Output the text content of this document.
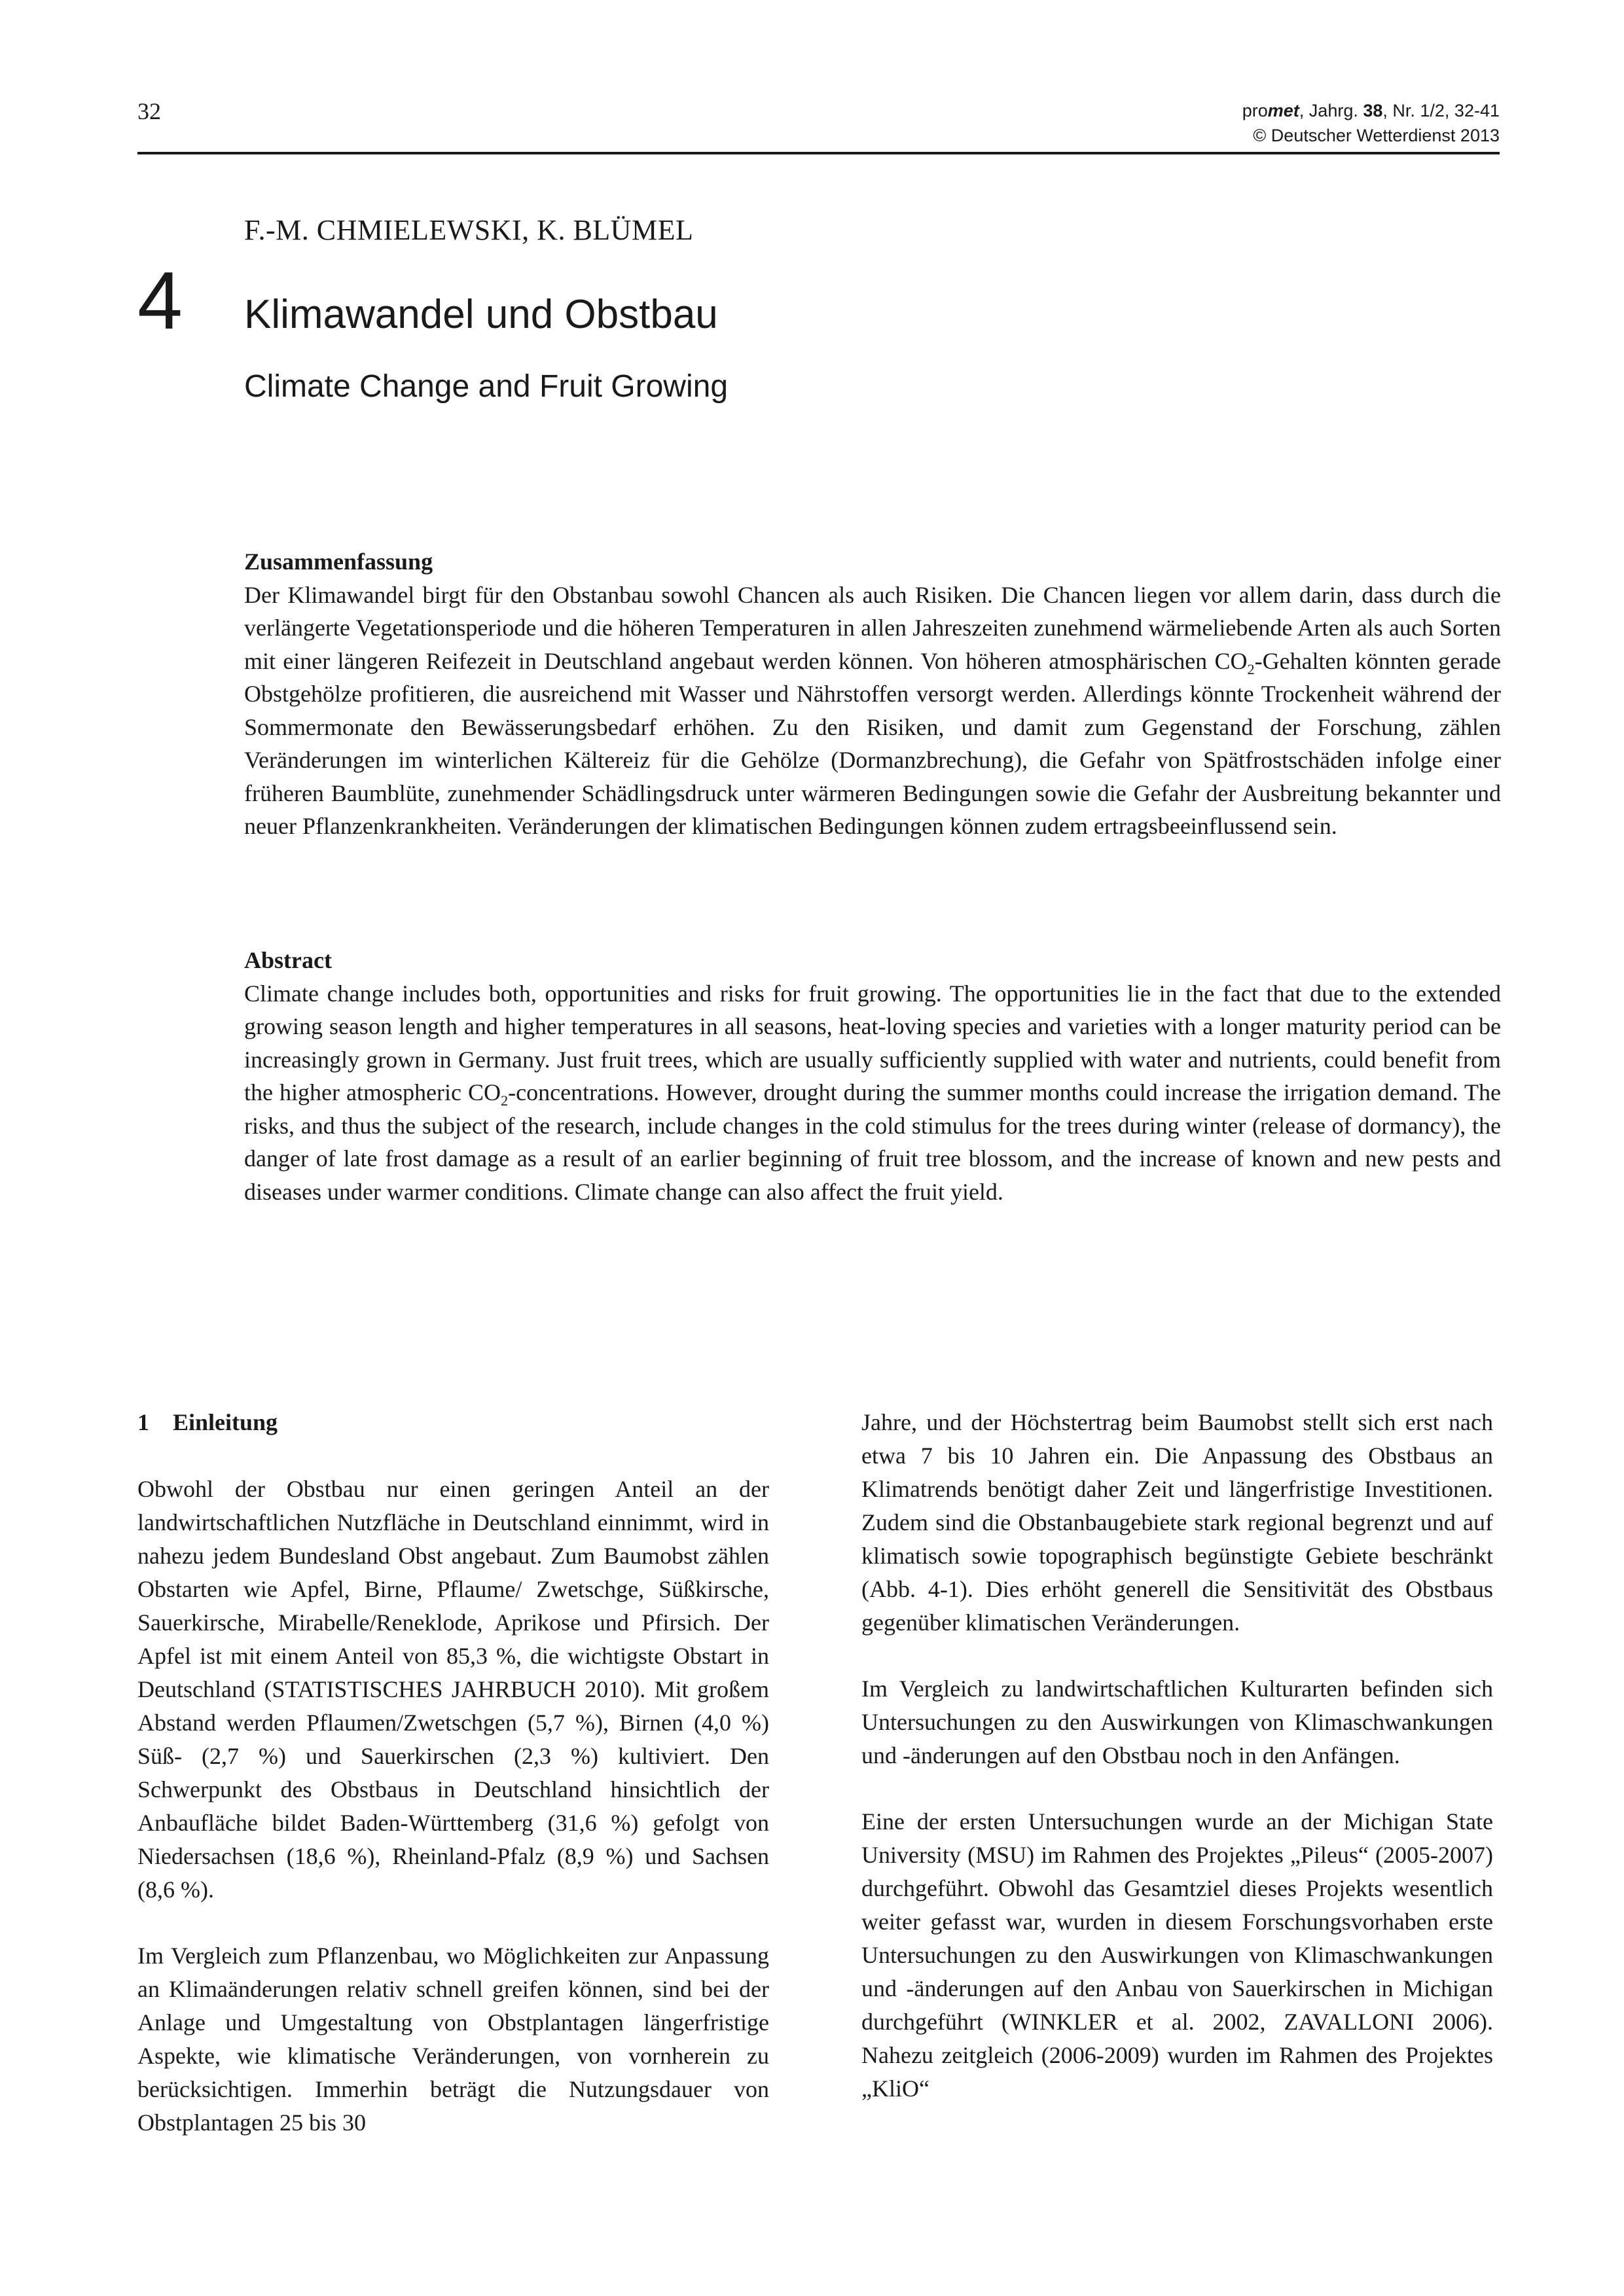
32	promet, Jahrg. 38, Nr. 1/2, 32-41
© Deutscher Wetterdienst 2013
F.-M. CHMIELEWSKI, K. BLÜMEL
4 Klimawandel und Obstbau
Climate Change and Fruit Growing
Zusammenfassung

Der Klimawandel birgt für den Obstanbau sowohl Chancen als auch Risiken. Die Chancen liegen vor allem darin, dass durch die verlängerte Vegetationsperiode und die höheren Temperaturen in allen Jahreszeiten zunehmend wärmeliebende Arten als auch Sorten mit einer längeren Reifezeit in Deutschland angebaut werden können. Von höheren atmosphärischen $CO_2$-Gehalten könnten gerade Obstgehölze profitieren, die ausreichend mit Wasser und Nährstoffen versorgt werden. Allerdings könnte Trockenheit während der Sommermonate den Bewässerungsbedarf erhöhen. Zu den Risiken, und damit zum Gegenstand der Forschung, zählen Veränderungen im winterlichen Kältereiz für die Gehölze (Dormanzbrechung), die Gefahr von Spätfrostschäden infolge einer früheren Baumblüte, zunehmender Schädlingsdruck unter wärmeren Bedingungen sowie die Gefahr der Ausbreitung bekannter und neuer Pflanzenkrankheiten. Veränderungen der klimatischen Bedingungen können zudem ertragsbeeinflussend sein.

Abstract

Climate change includes both, opportunities and risks for fruit growing. The opportunities lie in the fact that due to the extended growing season length and higher temperatures in all seasons, heat-loving species and varieties with a longer maturity period can be increasingly grown in Germany. Just fruit trees, which are usually sufficiently supplied with water and nutrients, could benefit from the higher atmospheric $CO_2$-concentrations. However, drought during the summer months could increase the irrigation demand. The risks, and thus the subject of the research, include changes in the cold stimulus for the trees during winter (release of dormancy), the danger of late frost damage as a result of an earlier beginning of fruit tree blossom, and the increase of known and new pests and diseases under warmer conditions. Climate change can also affect the fruit yield.

1 Einleitung

Obwohl der Obstbau nur einen geringen Anteil an der landwirtschaftlichen Nutzfläche in Deutschland einnimmt, wird in nahezu jedem Bundesland Obst angebaut. Zum Baumobst zählen Obstarten wie Apfel, Birne, Pflaume/ Zwetschge, Süßkirsche, Sauerkirsche, Mirabelle/Reneklode, Aprikose und Pfirsich. Der Apfel ist mit einem Anteil von 85,3 %, die wichtigste Obstart in Deutschland (STATISTISCHES JAHRBUCH 2010). Mit großem Abstand werden Pflaumen/Zwetschgen (5,7 %), Birnen (4,0 %) Süß- (2,7 %) und Sauerkirschen (2,3 %) kultiviert. Den Schwerpunkt des Obstbaus in Deutschland hinsichtlich der Anbaufläche bildet Baden-Württemberg (31,6 %) gefolgt von Niedersachsen (18,6 %), Rheinland-Pfalz (8,9 %) und Sachsen (8,6 %).

Im Vergleich zum Pflanzenbau, wo Möglichkeiten zur Anpassung an Klimaänderungen relativ schnell greifen können, sind bei der Anlage und Umgestaltung von Obstplantagen längerfristige Aspekte, wie klimatische Veränderungen, von vornherein zu berücksichtigen. Immerhin beträgt die Nutzungsdauer von Obstplantagen 25 bis 30

Jahre, und der Höchstertrag beim Baumobst stellt sich erst nach etwa 7 bis 10 Jahren ein. Die Anpassung des Obstbaus an Klimatrends benötigt daher Zeit und längerfristige Investitionen. Zudem sind die Obstanbaugebiete stark regional begrenzt und auf klimatisch sowie topographisch begünstigte Gebiete beschränkt (Abb. 4-1). Dies erhöht generell die Sensitivität des Obstbaus gegenüber klimatischen Veränderungen.

Im Vergleich zu landwirtschaftlichen Kulturarten befinden sich Untersuchungen zu den Auswirkungen von Klimaschwankungen und -änderungen auf den Obstbau noch in den Anfängen.

Eine der ersten Untersuchungen wurde an der Michigan State University (MSU) im Rahmen des Projektes „Pileus“ (2005-2007) durchgeführt. Obwohl das Gesamtziel dieses Projekts wesentlich weiter gefasst war, wurden in diesem Forschungsvorhaben erste Untersuchungen zu den Auswirkungen von Klimaschwankungen und -änderungen auf den Anbau von Sauerkirschen in Michigan durchgeführt (WINKLER et al. 2002, ZAVALLONI 2006). Nahezu zeitgleich (2006-2009) wurden im Rahmen des Projektes „KliO“
